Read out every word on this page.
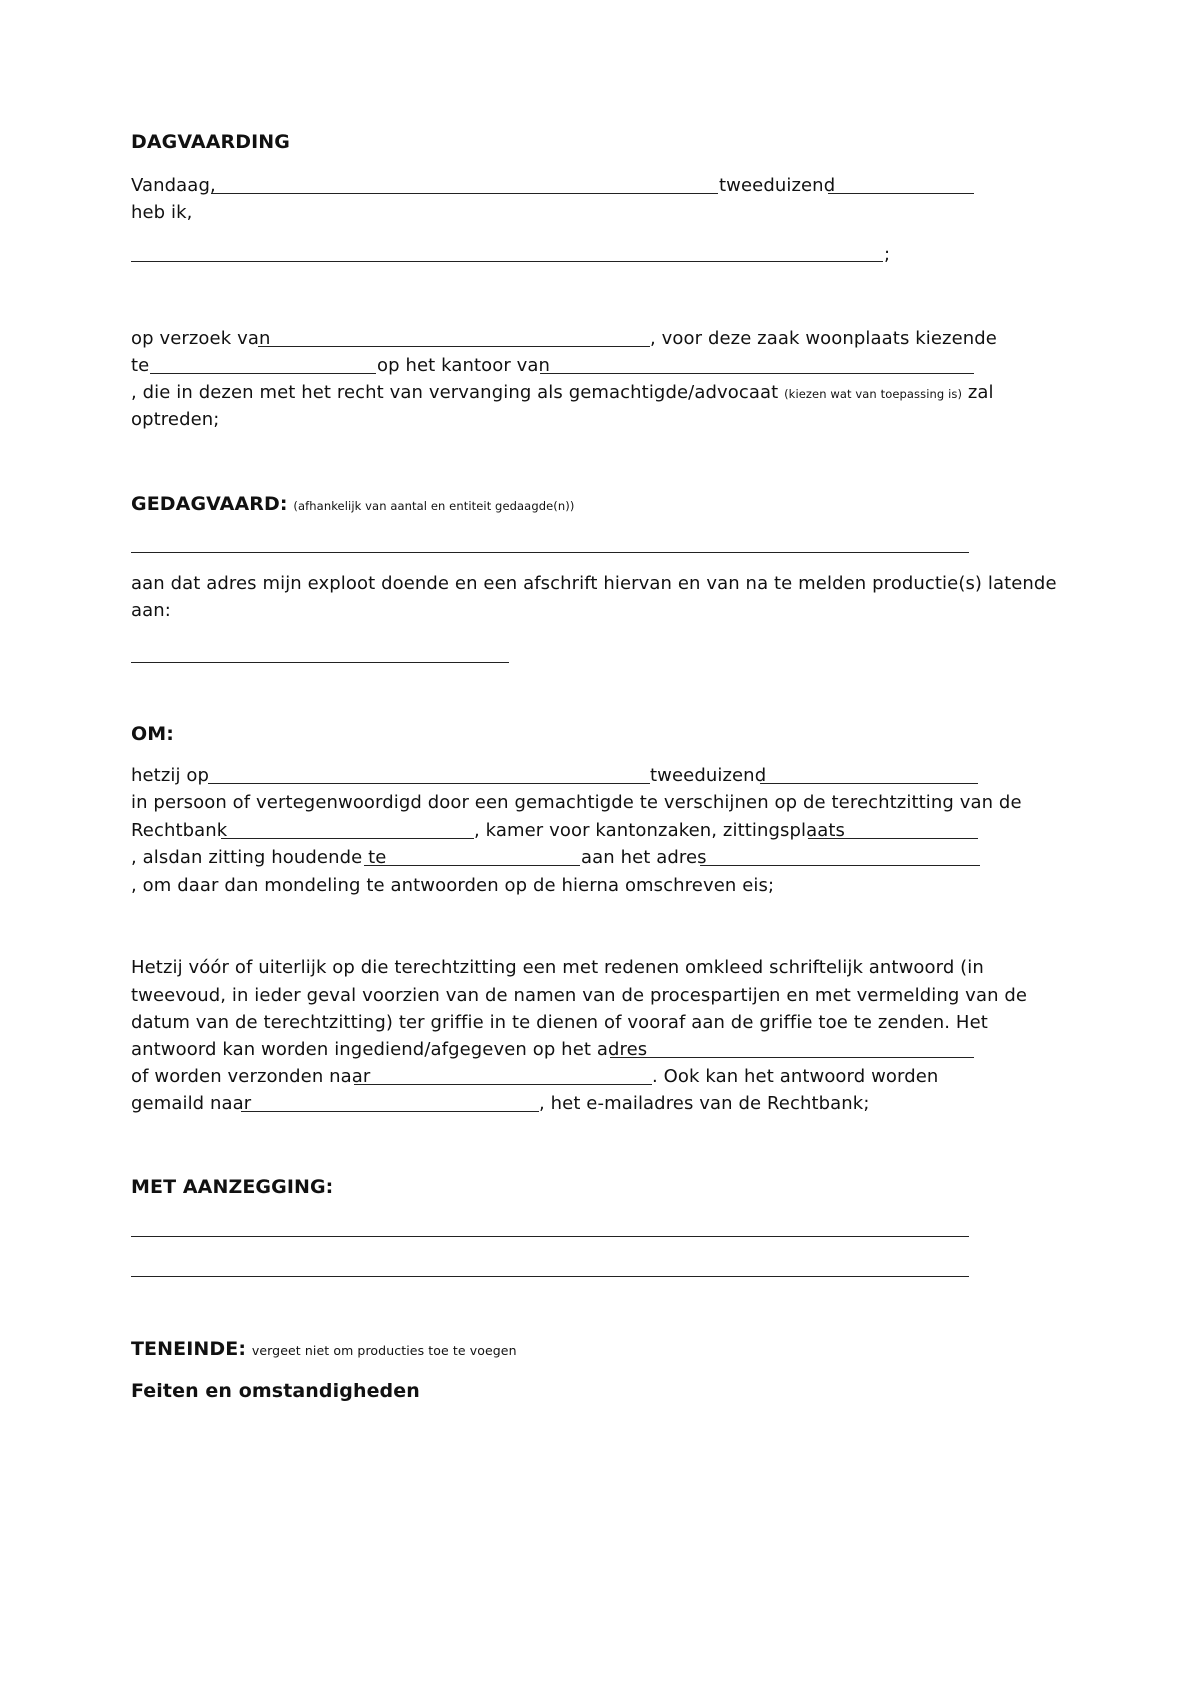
DAGVAARDING
Vandaag,	tweeduizend
heb ik,
;
op verzoek van	, voor deze zaak woonplaats kiezende
te	op het kantoor van
, die in dezen met het recht van vervanging als gemachtigde/advocaat (kiezen wat van toepassing is) zal
optreden;
GEDAGVAARD: (afhankelijk van aantal en entiteit gedaagde(n))
aan dat adres mijn exploot doende en een afschrift hiervan en van na te melden productie(s) latende
aan:
OM:
hetzij op	tweeduizend
in persoon of vertegenwoordigd door een gemachtigde te verschijnen op de terechtzitting van de
Rechtbank	, kamer voor kantonzaken, zittingsplaats
, alsdan zitting houdende te	aan het adres
, om daar dan mondeling te antwoorden op de hierna omschreven eis;
Hetzij vóór of uiterlijk op die terechtzitting een met redenen omkleed schriftelijk antwoord (in
tweevoud, in ieder geval voorzien van de namen van de procespartijen en met vermelding van de
datum van de terechtzitting) ter griffie in te dienen of vooraf aan de griffie toe te zenden. Het
antwoord kan worden ingediend/afgegeven op het adres
of worden verzonden naar	. Ook kan het antwoord worden
gemaild naar	, het e-mailadres van de Rechtbank;
MET AANZEGGING:
TENEINDE: vergeet niet om producties toe te voegen
Feiten en omstandigheden
